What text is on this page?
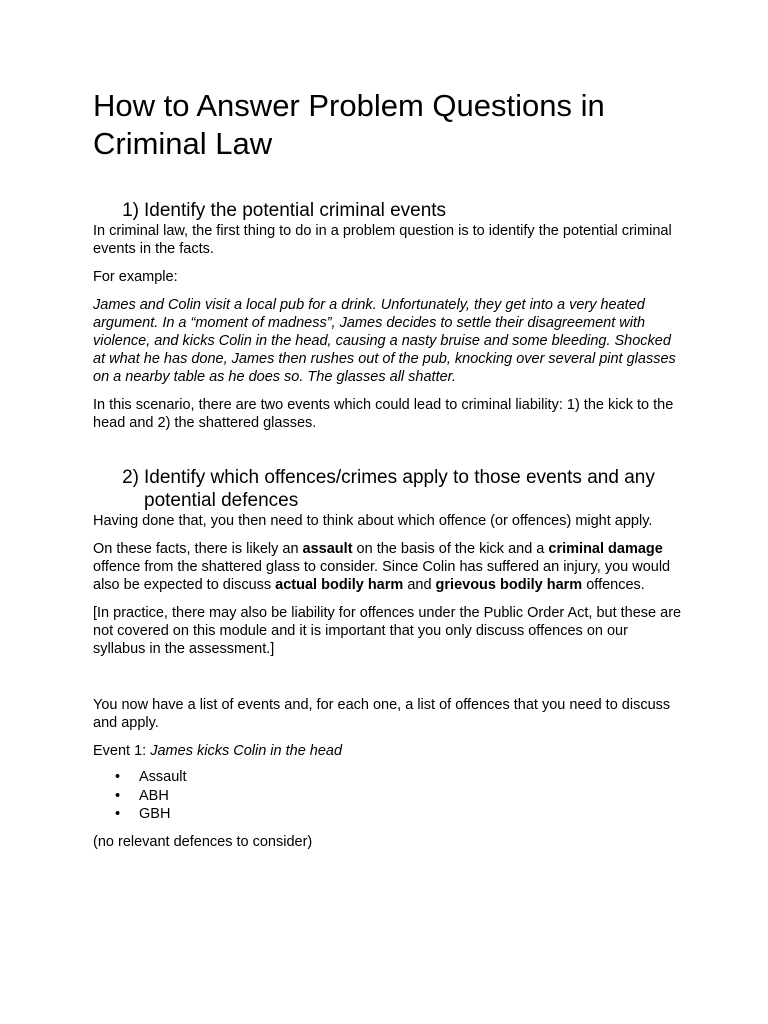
How to Answer Problem Questions in Criminal Law
1) Identify the potential criminal events

In criminal law, the first thing to do in a problem question is to identify the potential criminal events in the facts.

For example:

James and Colin visit a local pub for a drink. Unfortunately, they get into a very heated argument. In a “moment of madness”, James decides to settle their disagreement with violence, and kicks Colin in the head, causing a nasty bruise and some bleeding. Shocked at what he has done, James then rushes out of the pub, knocking over several pint glasses on a nearby table as he does so. The glasses all shatter.

In this scenario, there are two events which could lead to criminal liability: 1) the kick to the head and 2) the shattered glasses.

2) Identify which offences/crimes apply to those events and any potential defences

Having done that, you then need to think about which offence (or offences) might apply.

On these facts, there is likely an assault on the basis of the kick and a criminal damage offence from the shattered glass to consider. Since Colin has suffered an injury, you would also be expected to discuss actual bodily harm and grievous bodily harm offences.

[In practice, there may also be liability for offences under the Public Order Act, but these are not covered on this module and it is important that you only discuss offences on our syllabus in the assessment.]

You now have a list of events and, for each one, a list of offences that you need to discuss and apply.

Event 1: James kicks Colin in the head

• Assault
• ABH
• GBH

(no relevant defences to consider)
